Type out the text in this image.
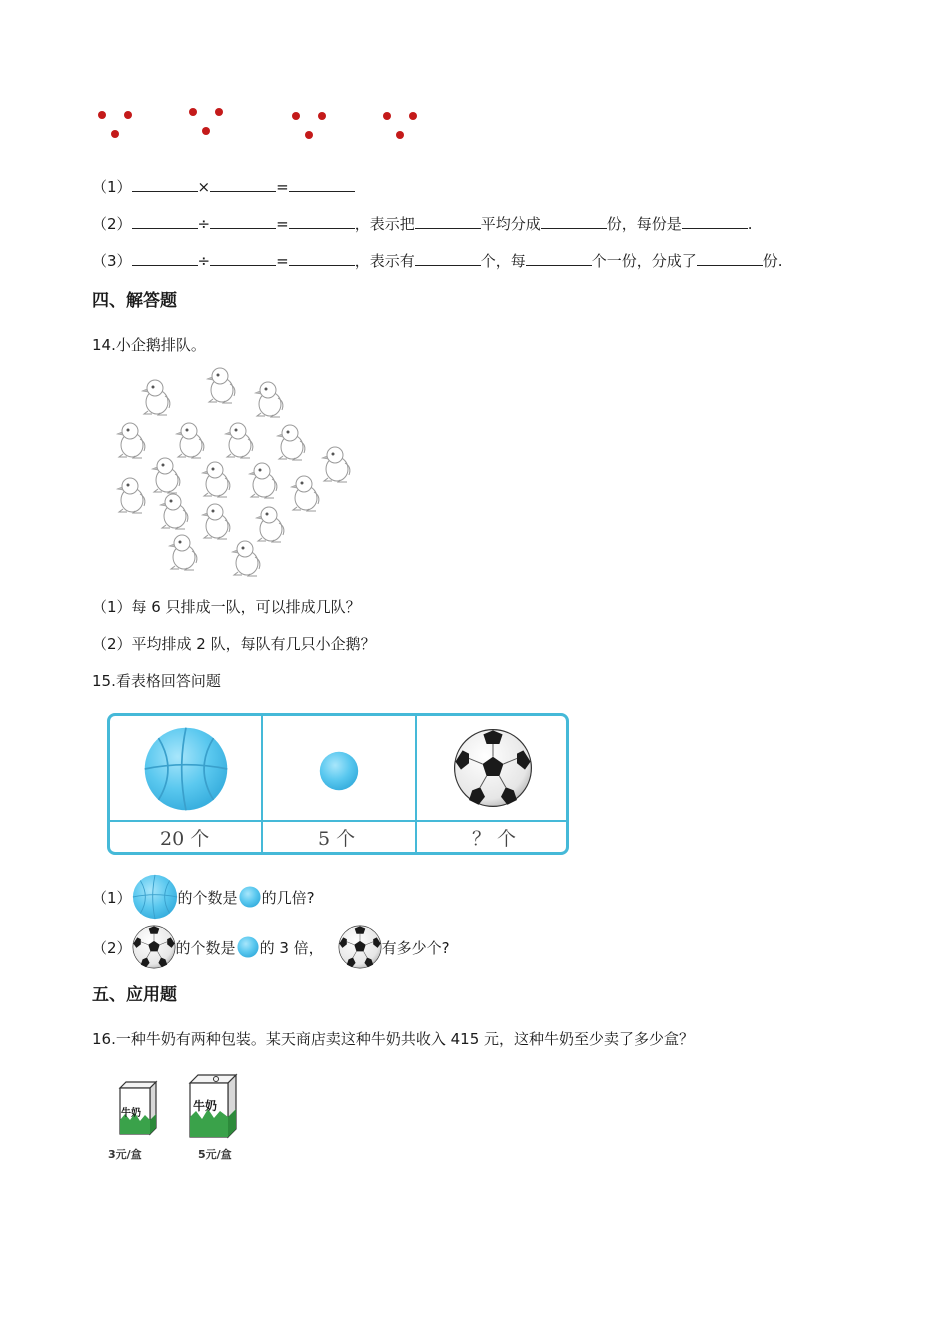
（1）	×	=
（2）	÷	=	，表示把	平均分成	份，每份是	.
（3）	÷	=	，表示有	个，每	个一份，分成了	份.
四、解答题
14.小企鹅排队。
（1）每 6 只排成一队，可以排成几队？
（2）平均排成 2 队，每队有几只小企鹅？
15.看表格回答问题
20 个	5 个	？ 个
（1）	的个数是 的几倍?
（2）	的个数是 的 3 倍，	有多少个?
五、应用题
16.一种牛奶有两种包装。某天商店卖这种牛奶共收入 415 元，这种牛奶至少卖了多少盒？
牛奶
3元/盒
牛奶
5元/盒
